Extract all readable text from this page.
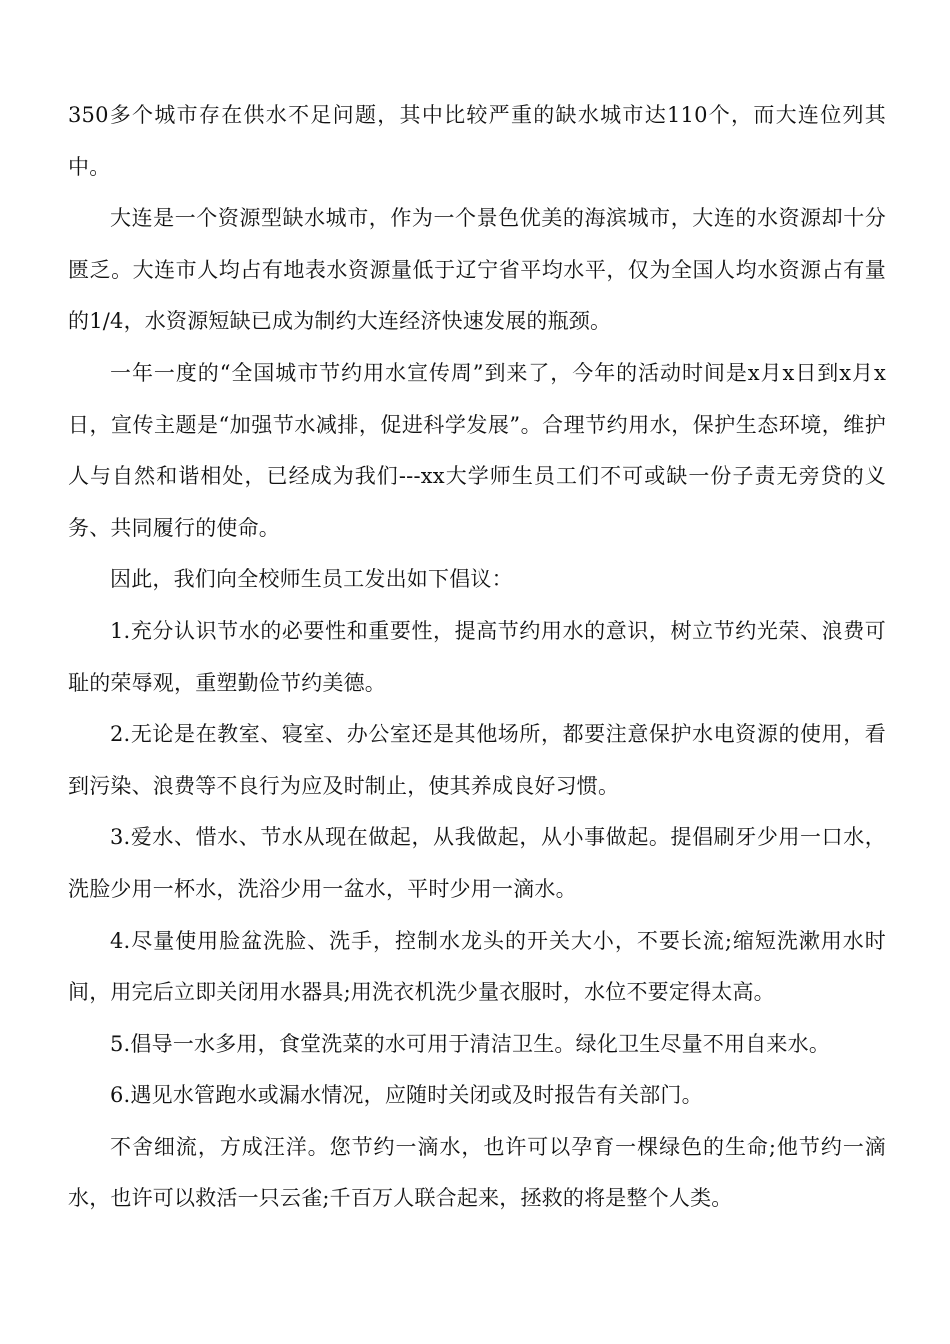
350多个城市存在供水不足问题，其中比较严重的缺水城市达110个，而大连位列其中。

大连是一个资源型缺水城市，作为一个景色优美的海滨城市，大连的水资源却十分匮乏。大连市人均占有地表水资源量低于辽宁省平均水平，仅为全国人均水资源占有量的1/4，水资源短缺已成为制约大连经济快速发展的瓶颈。

一年一度的“全国城市节约用水宣传周”到来了，今年的活动时间是x月x日到x月x日，宣传主题是“加强节水减排，促进科学发展”。合理节约用水，保护生态环境，维护人与自然和谐相处，已经成为我们---xx大学师生员工们不可或缺一份子责无旁贷的义务、共同履行的使命。

因此，我们向全校师生员工发出如下倡议：

1.充分认识节水的必要性和重要性，提高节约用水的意识，树立节约光荣、浪费可耻的荣辱观，重塑勤俭节约美德。

2.无论是在教室、寝室、办公室还是其他场所，都要注意保护水电资源的使用，看到污染、浪费等不良行为应及时制止，使其养成良好习惯。

3.爱水、惜水、节水从现在做起，从我做起，从小事做起。提倡刷牙少用一口水，洗脸少用一杯水，洗浴少用一盆水，平时少用一滴水。

4.尽量使用脸盆洗脸、洗手，控制水龙头的开关大小，不要长流;缩短洗漱用水时间，用完后立即关闭用水器具;用洗衣机洗少量衣服时，水位不要定得太高。

5.倡导一水多用，食堂洗菜的水可用于清洁卫生。绿化卫生尽量不用自来水。

6.遇见水管跑水或漏水情况，应随时关闭或及时报告有关部门。

不舍细流，方成汪洋。您节约一滴水，也许可以孕育一棵绿色的生命;他节约一滴水，也许可以救活一只云雀;千百万人联合起来，拯救的将是整个人类。
